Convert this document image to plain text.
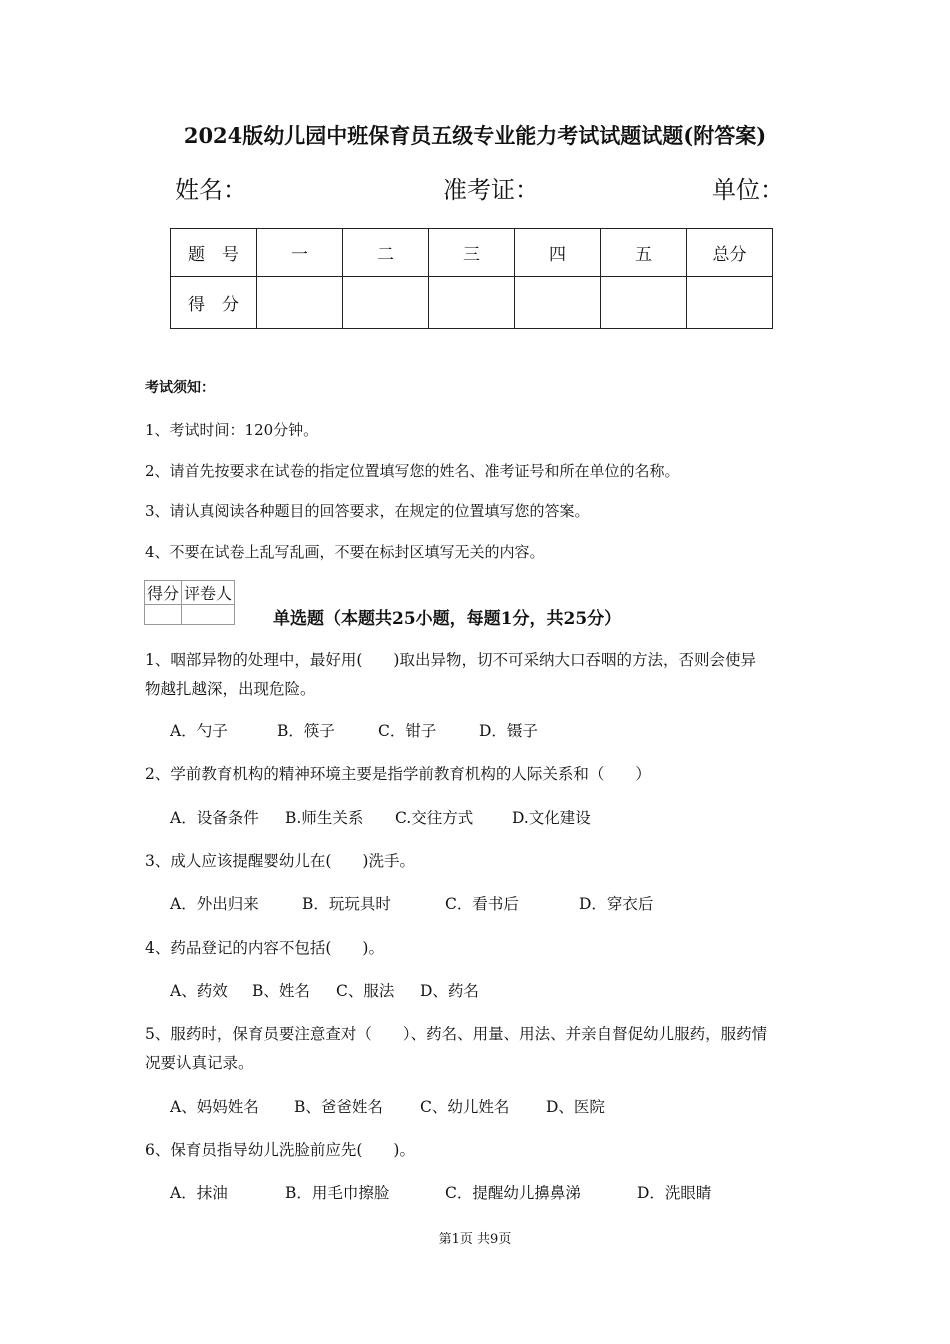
2024版幼儿园中班保育员五级专业能力考试试题试题(附答案)
姓名：	准考证：	单位：
题　号	一	二	三	四	五	总分
得　分						
考试须知：
1、考试时间：120分钟。
2、请首先按要求在试卷的指定位置填写您的姓名、准考证号和所在单位的名称。
3、请认真阅读各种题目的回答要求，在规定的位置填写您的答案。
4、不要在试卷上乱写乱画，不要在标封区填写无关的内容。
得分	评卷人

单选题（本题共25小题，每题1分，共25分）
1、咽部异物的处理中，最好用(　　)取出异物，切不可采纳大口吞咽的方法，否则会使异
物越扎越深，出现危险。
A．勺子	B．筷子	C．钳子	D．镊子
2、学前教育机构的精神环境主要是指学前教育机构的人际关系和（　　）
A．设备条件 B.师生关系 C.交往方式	D.文化建设
3、成人应该提醒婴幼儿在(　　)洗手。
A．外出归来	B．玩玩具时	C．看书后	D．穿衣后
4、药品登记的内容不包括(　　)。
A、药效 B、姓名 C、服法 D、药名
5、服药时，保育员要注意查对（　　）、药名、用量、用法、并亲自督促幼儿服药，服药情
况要认真记录。
A、妈妈姓名 B、爸爸姓名 C、幼儿姓名 D、医院
6、保育员指导幼儿洗脸前应先(　　)。
A．抹油	B．用毛巾擦脸	C．提醒幼儿擤鼻涕	D．洗眼睛
第1页 共9页
